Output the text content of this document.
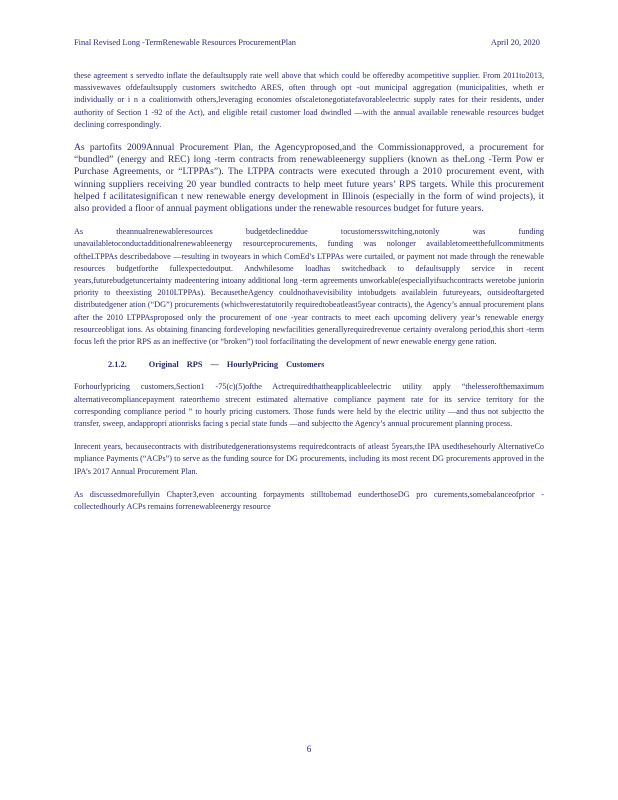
Final Revised Long -TermRenewable Resources ProcurementPlan	April 20, 2020

these agreement s servedto inflate the defaultsupply rate well above that which could be offeredby acompetitive supplier. From 2011to2013, massivewaves ofdefaultsupply customers switchedto ARES, often through opt -out municipal aggregation (municipalities, wheth er individually or i n a coalitionwith others,leveraging economies ofscaletonegotiatefavorableelectric supply rates for their residents, under authority of Section 1 -92 of the Act), and eligible retail customer load dwindled —with the annual available renewable resources budget declining correspondingly.

As partofits 2009Annual Procurement Plan, the Agencyproposed,and the Commissionapproved, a procurement for “bundled” (energy and REC) long -term contracts from renewableenergy suppliers (known as theLong -Term Pow er Purchase Agreements, or “LTPPAs”). The LTPPA contracts were executed through a 2010 procurement event, with winning suppliers receiving 20 year bundled contracts to help meet future years’ RPS targets. While this procurement helped f acilitatesignifican t new renewable energy development in Illinois (especially in the form of wind projects), it also provided a floor of annual payment obligations under the renewable resources budget for future years.

As theannualrenewableresources budgetdeclineddue tocustomersswitching,notonly was funding unavailabletoconductadditionalrenewableenergy resourceprocurements, funding was nolonger availabletomeetthefullcommitments oftheLTPPAs describedabove —resulting in twoyears in which ComEd’s LTPPAs were curtailed, or payment not made through the renewable resources budgetforthe fullexpectedoutput. Andwhilesome loadhas switchedback to defaultsupply service in recent years,futurebudgetuncertainty madeentering intoany additional long -term agreements unworkable(especiallyifsuchcontracts weretobe juniorin priority to theexisting 2010LTPPAs). BecausetheAgency couldnothavevisibility intobudgets availablein futureyears, outsideoftargeted distributedgener ation (“DG”) procurements (whichwerestatutorily requiredtobeatleast5year contracts), the Agency’s annual procurement plans after the 2010 LTPPAsproposed only the procurement of one -year contracts to meet each upcoming delivery year’s renewable energy resourceobligat ions. As obtaining financing fordeveloping newfacilities generallyrequiredrevenue certainty overalong period,this short -term focus left the prior RPS as an ineffective (or “broken”) tool forfacilitating the development of newr enewable energy gene ration.

2.1.2.	Original RPS — HourlyPricing Customers

Forhourlypricing customers,Section1 -75(c)(5)ofthe Actrequiredthattheapplicableelectric utility apply “thelesserofthemaximum alternativecompliancepayment rateorthemo strecent estimated alternative compliance payment rate for its service territory for the corresponding compliance period ” to hourly pricing customers. Those funds were held by the electric utility —and thus not subjectto the transfer, sweep, andappropri ationrisks facing s pecial state funds —and subjectto the Agency’s annual procurement planning process.

Inrecent years, becausecontracts with distributedgenerationsystems requiredcontracts of atleast 5years,the IPA usedthesehourly AlternativeCo mpliance Payments (“ACPs”) to serve as the funding source for DG procurements, including its most recent DG procurements approved in the IPA’s 2017 Annual Procurement Plan.

As discussedmorefullyin Chapter3,even accounting forpayments stilltobemad eunderthoseDG pro curements,somebalanceofprior -collectedhourly ACPs remains forrenewableenergy resource

6
